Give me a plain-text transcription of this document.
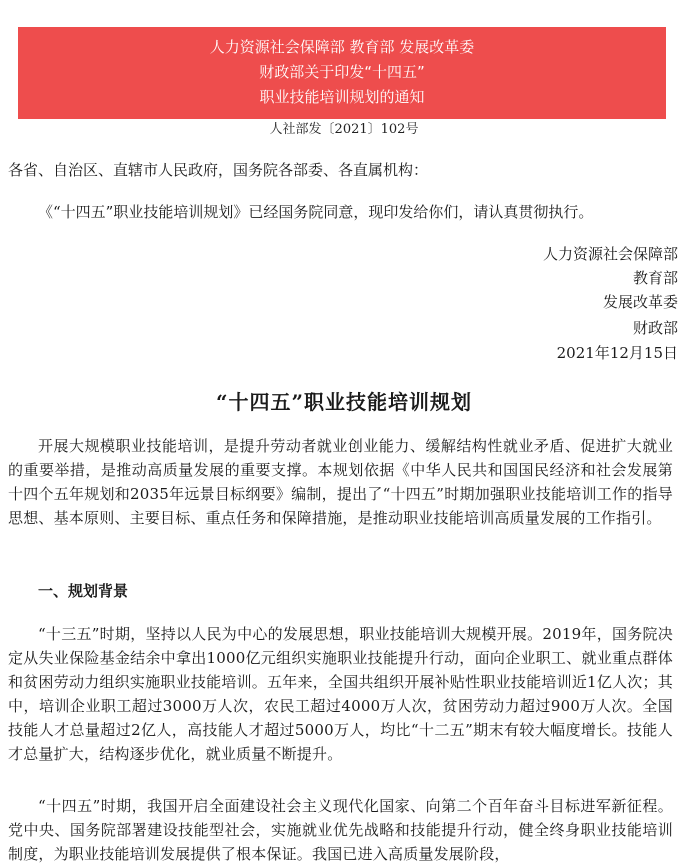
人力资源社会保障部 教育部 发展改革委
财政部关于印发“十四五”
职业技能培训规划的通知
人社部发〔2021〕102号
各省、自治区、直辖市人民政府，国务院各部委、各直属机构：
《“十四五”职业技能培训规划》已经国务院同意，现印发给你们，请认真贯彻执行。
人力资源社会保障部
教育部
发展改革委
财政部
2021年12月15日
“十四五”职业技能培训规划
开展大规模职业技能培训，是提升劳动者就业创业能力、缓解结构性就业矛盾、促进扩大就业的重要举措，是推动高质量发展的重要支撑。本规划依据《中华人民共和国国民经济和社会发展第十四个五年规划和2035年远景目标纲要》编制，提出了“十四五”时期加强职业技能培训工作的指导思想、基本原则、主要目标、重点任务和保障措施，是推动职业技能培训高质量发展的工作指引。
一、规划背景
“十三五”时期，坚持以人民为中心的发展思想，职业技能培训大规模开展。2019年，国务院决定从失业保险基金结余中拿出1000亿元组织实施职业技能提升行动，面向企业职工、就业重点群体和贫困劳动力组织实施职业技能培训。五年来，全国共组织开展补贴性职业技能培训近1亿人次；其中，培训企业职工超过3000万人次，农民工超过4000万人次，贫困劳动力超过900万人次。全国技能人才总量超过2亿人，高技能人才超过5000万人，均比“十二五”期末有较大幅度增长。技能人才总量扩大，结构逐步优化，就业质量不断提升。
“十四五”时期，我国开启全面建设社会主义现代化国家、向第二个百年奋斗目标进军新征程。党中央、国务院部署建设技能型社会，实施就业优先战略和技能提升行动，健全终身职业技能培训制度，为职业技能培训发展提供了根本保证。我国已进入高质量发展阶段，
